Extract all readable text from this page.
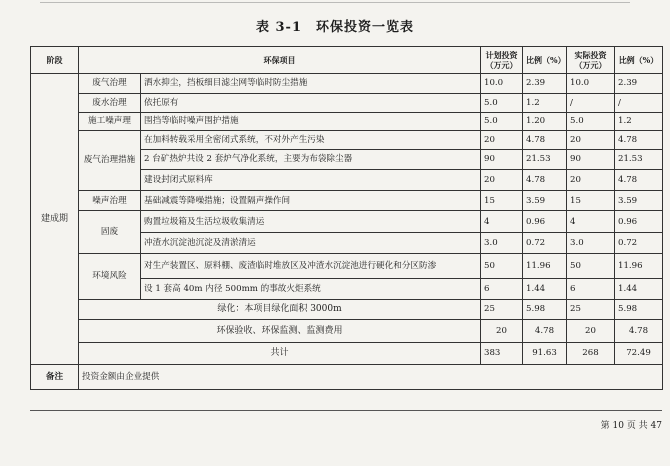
表 3-1　环保投资一览表
阶段	环保项目		计划投资（万元）	比例（%）	实际投资（万元）	比例（%）
建成期	废气治理	洒水抑尘，挡板细目滤尘网等临时防尘措施	10.0	2.39	10.0	2.39
	废水治理	依托原有	5.0	1.2	/	/
	施工噪声理	围挡等临时噪声围护措施	5.0	1.20	5.0	1.2
	废气治理措施	在加料转载采用全密闭式系统，不对外产生污染	20	4.78	20	4.78
		2 台矿热炉共设 2 套炉气净化系统，主要为布袋除尘器	90	21.53	90	21.53
		建设封闭式原料库	20	4.78	20	4.78
	噪声治理	基础减震等降噪措施；设置隔声操作间	15	3.59	15	3.59
	固废	购置垃圾箱及生活垃圾收集清运	4	0.96	4	0.96
		冲渣水沉淀池沉淀及清淤清运	3.0	0.72	3.0	0.72
	环境风险	对生产装置区、原料棚、废渣临时堆放区及冲渣水沉淀池进行硬化和分区防渗	50	11.96	50	11.96
		设 1 套高 40m 内径 500mm 的事故火炬系统	6	1.44	6	1.44
	绿化：本项目绿化面积 3000m		25	5.98	25	5.98
	环保验收、环保监测、监测费用		20	4.78	20	4.78
	共计		383	91.63	268	72.49
备注	投资金额由企业提供					
第 10 页 共 47
